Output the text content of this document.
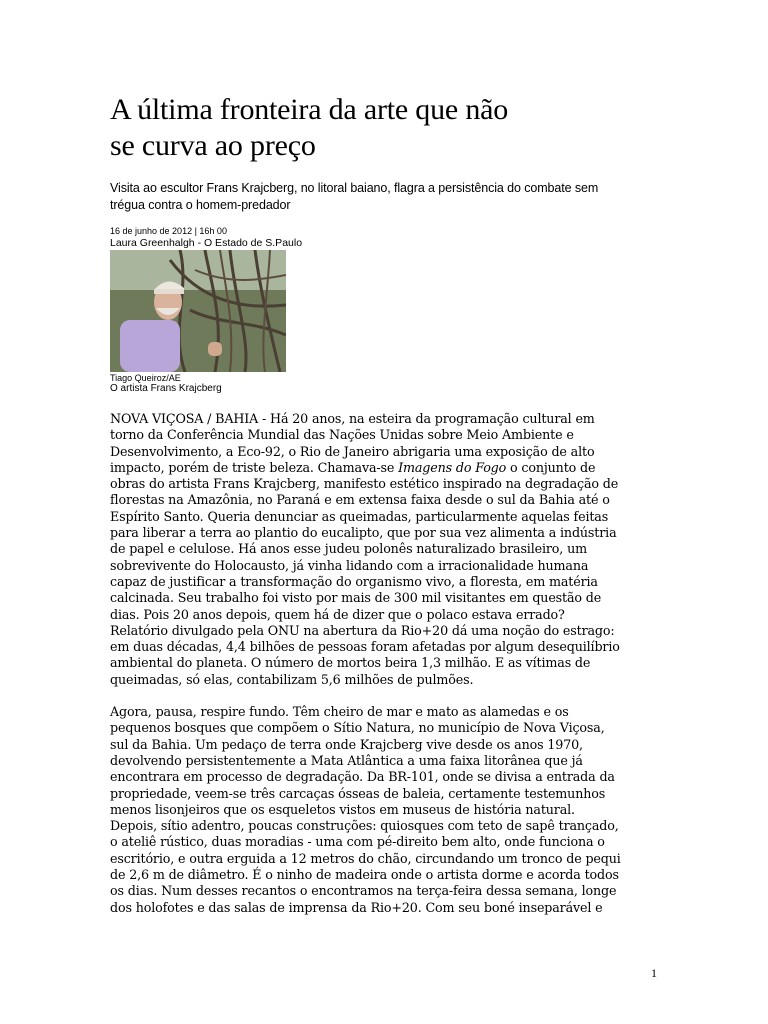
A última fronteira da arte que não
se curva ao preço

Visita ao escultor Frans Krajcberg, no litoral baiano, flagra a persistência do combate sem
trégua contra o homem-predador

16 de junho de 2012 | 16h 00
Laura Greenhalgh - O Estado de S.Paulo
Tiago Queiroz/AE
O artista Frans Krajcberg

NOVA VIÇOSA / BAHIA - Há 20 anos, na esteira da programação cultural em
torno da Conferência Mundial das Nações Unidas sobre Meio Ambiente e
Desenvolvimento, a Eco-92, o Rio de Janeiro abrigaria uma exposição de alto
impacto, porém de triste beleza. Chamava-se Imagens do Fogo o conjunto de
obras do artista Frans Krajcberg, manifesto estético inspirado na degradação de
florestas na Amazônia, no Paraná e em extensa faixa desde o sul da Bahia até o
Espírito Santo. Queria denunciar as queimadas, particularmente aquelas feitas
para liberar a terra ao plantio do eucalipto, que por sua vez alimenta a indústria
de papel e celulose. Há anos esse judeu polonês naturalizado brasileiro, um
sobrevivente do Holocausto, já vinha lidando com a irracionalidade humana
capaz de justificar a transformação do organismo vivo, a floresta, em matéria
calcinada. Seu trabalho foi visto por mais de 300 mil visitantes em questão de
dias. Pois 20 anos depois, quem há de dizer que o polaco estava errado?
Relatório divulgado pela ONU na abertura da Rio+20 dá uma noção do estrago:
em duas décadas, 4,4 bilhões de pessoas foram afetadas por algum desequilíbrio
ambiental do planeta. O número de mortos beira 1,3 milhão. E as vítimas de
queimadas, só elas, contabilizam 5,6 milhões de pulmões.

Agora, pausa, respire fundo. Têm cheiro de mar e mato as alamedas e os
pequenos bosques que compõem o Sítio Natura, no município de Nova Viçosa,
sul da Bahia. Um pedaço de terra onde Krajcberg vive desde os anos 1970,
devolvendo persistentemente a Mata Atlântica a uma faixa litorânea que já
encontrara em processo de degradação. Da BR-101, onde se divisa a entrada da
propriedade, veem-se três carcaças ósseas de baleia, certamente testemunhos
menos lisonjeiros que os esqueletos vistos em museus de história natural.
Depois, sítio adentro, poucas construções: quiosques com teto de sapê trançado,
o ateliê rústico, duas moradias - uma com pé-direito bem alto, onde funciona o
escritório, e outra erguida a 12 metros do chão, circundando um tronco de pequi
de 2,6 m de diâmetro. É o ninho de madeira onde o artista dorme e acorda todos
os dias. Num desses recantos o encontramos na terça-feira dessa semana, longe
dos holofotes e das salas de imprensa da Rio+20. Com seu boné inseparável e

1
